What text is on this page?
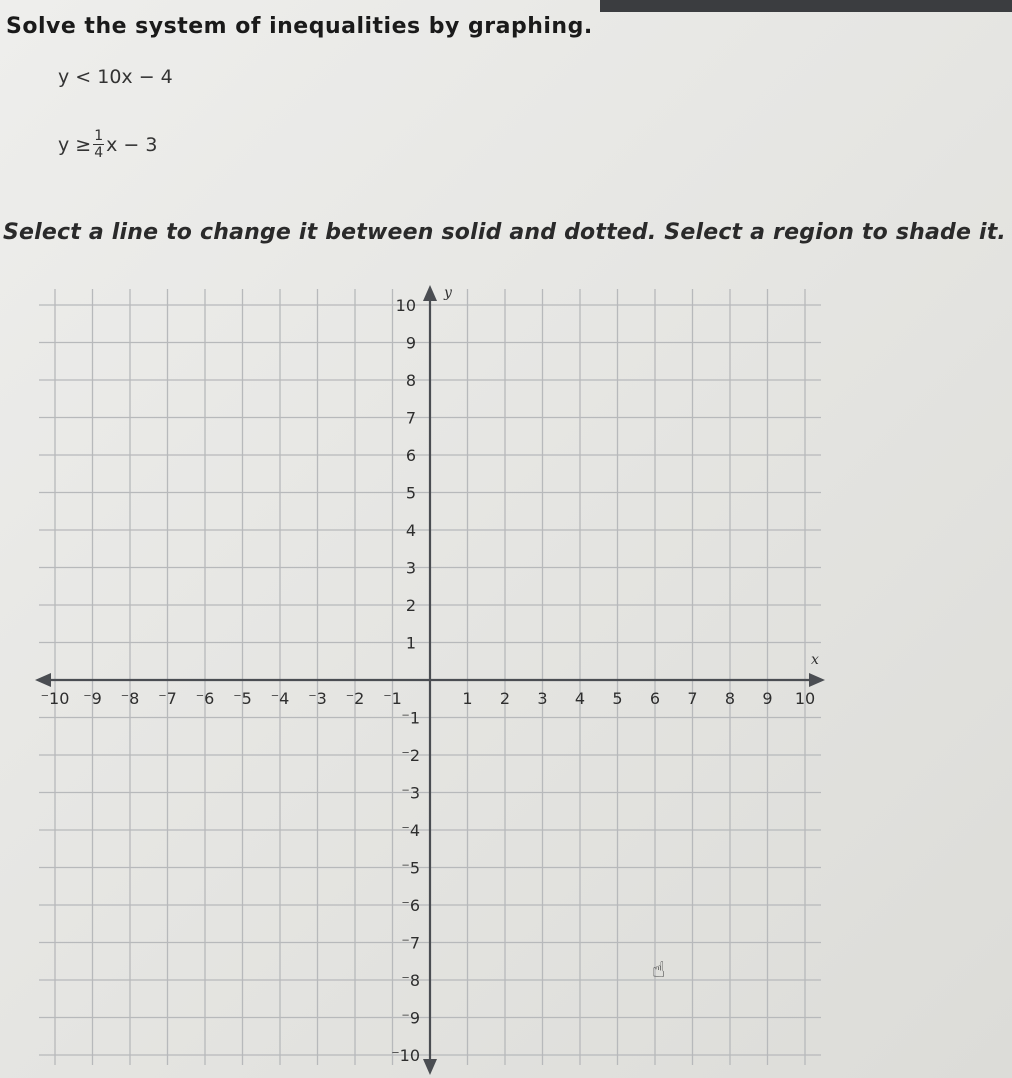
Solve the system of inequalities by graphing.
y < 10x − 4
$y \ge \frac{1}{4}$ x − 3
Select a line to change it between solid and dotted. Select a region to shade it.
x
y
⁻10 ⁻9 ⁻8 ⁻7 ⁻6 ⁻5 ⁻4 ⁻3 ⁻2 ⁻1	1 2 3 4 5 6 7 8 9 10
1
2
3
4
5
6
7
8
9
10
⁻1
⁻2
⁻3
⁻4
⁻5
⁻6
⁻7
⁻8
⁻9
⁻10
☝
